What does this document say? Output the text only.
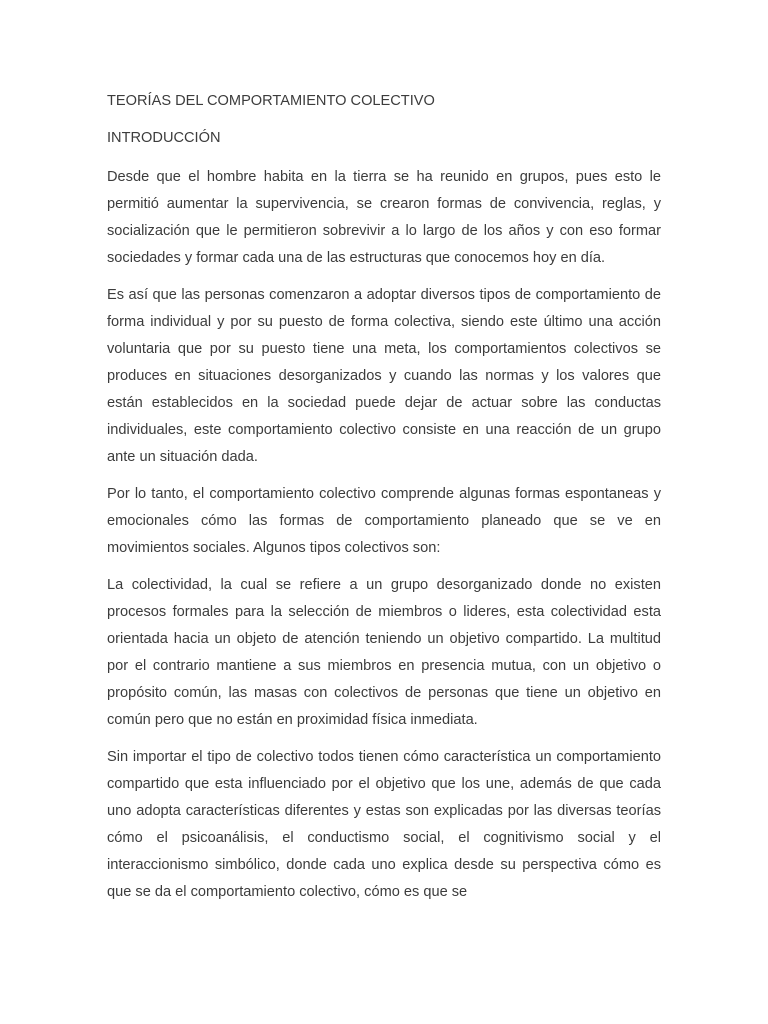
TEORÍAS DEL COMPORTAMIENTO COLECTIVO
INTRODUCCIÓN

Desde que el hombre habita en la tierra se ha reunido en grupos, pues esto le permitió aumentar la supervivencia, se crearon formas de convivencia, reglas, y socialización que le permitieron sobrevivir a lo largo de los años y con eso formar sociedades y formar cada una de las estructuras que conocemos hoy en día.

Es así que las personas comenzaron a adoptar diversos tipos de comportamiento de forma individual y por su puesto de forma colectiva, siendo este último una acción voluntaria que por su puesto tiene una meta, los comportamientos colectivos se produces en situaciones desorganizados y cuando las normas y los valores que están establecidos en la sociedad puede dejar de actuar sobre las conductas individuales, este comportamiento colectivo consiste en una reacción de un grupo ante un situación dada.

Por lo tanto, el comportamiento colectivo comprende algunas formas espontaneas y emocionales cómo las formas de comportamiento planeado que se ve en movimientos sociales. Algunos tipos colectivos son:

La colectividad, la cual se refiere a un grupo desorganizado donde no existen procesos formales para la selección de miembros o lideres, esta colectividad esta orientada hacia un objeto de atención teniendo un objetivo compartido. La multitud por el contrario mantiene a sus miembros en presencia mutua, con un objetivo o propósito común, las masas con colectivos de personas que tiene un objetivo en común pero que no están en proximidad física inmediata.

Sin importar el tipo de colectivo todos tienen cómo característica un comportamiento compartido que esta influenciado por el objetivo que los une, además de que cada uno adopta características diferentes y estas son explicadas por las diversas teorías cómo el psicoanálisis, el conductismo social, el cognitivismo social y el interaccionismo simbólico, donde cada uno explica desde su perspectiva cómo es que se da el comportamiento colectivo, cómo es que se
